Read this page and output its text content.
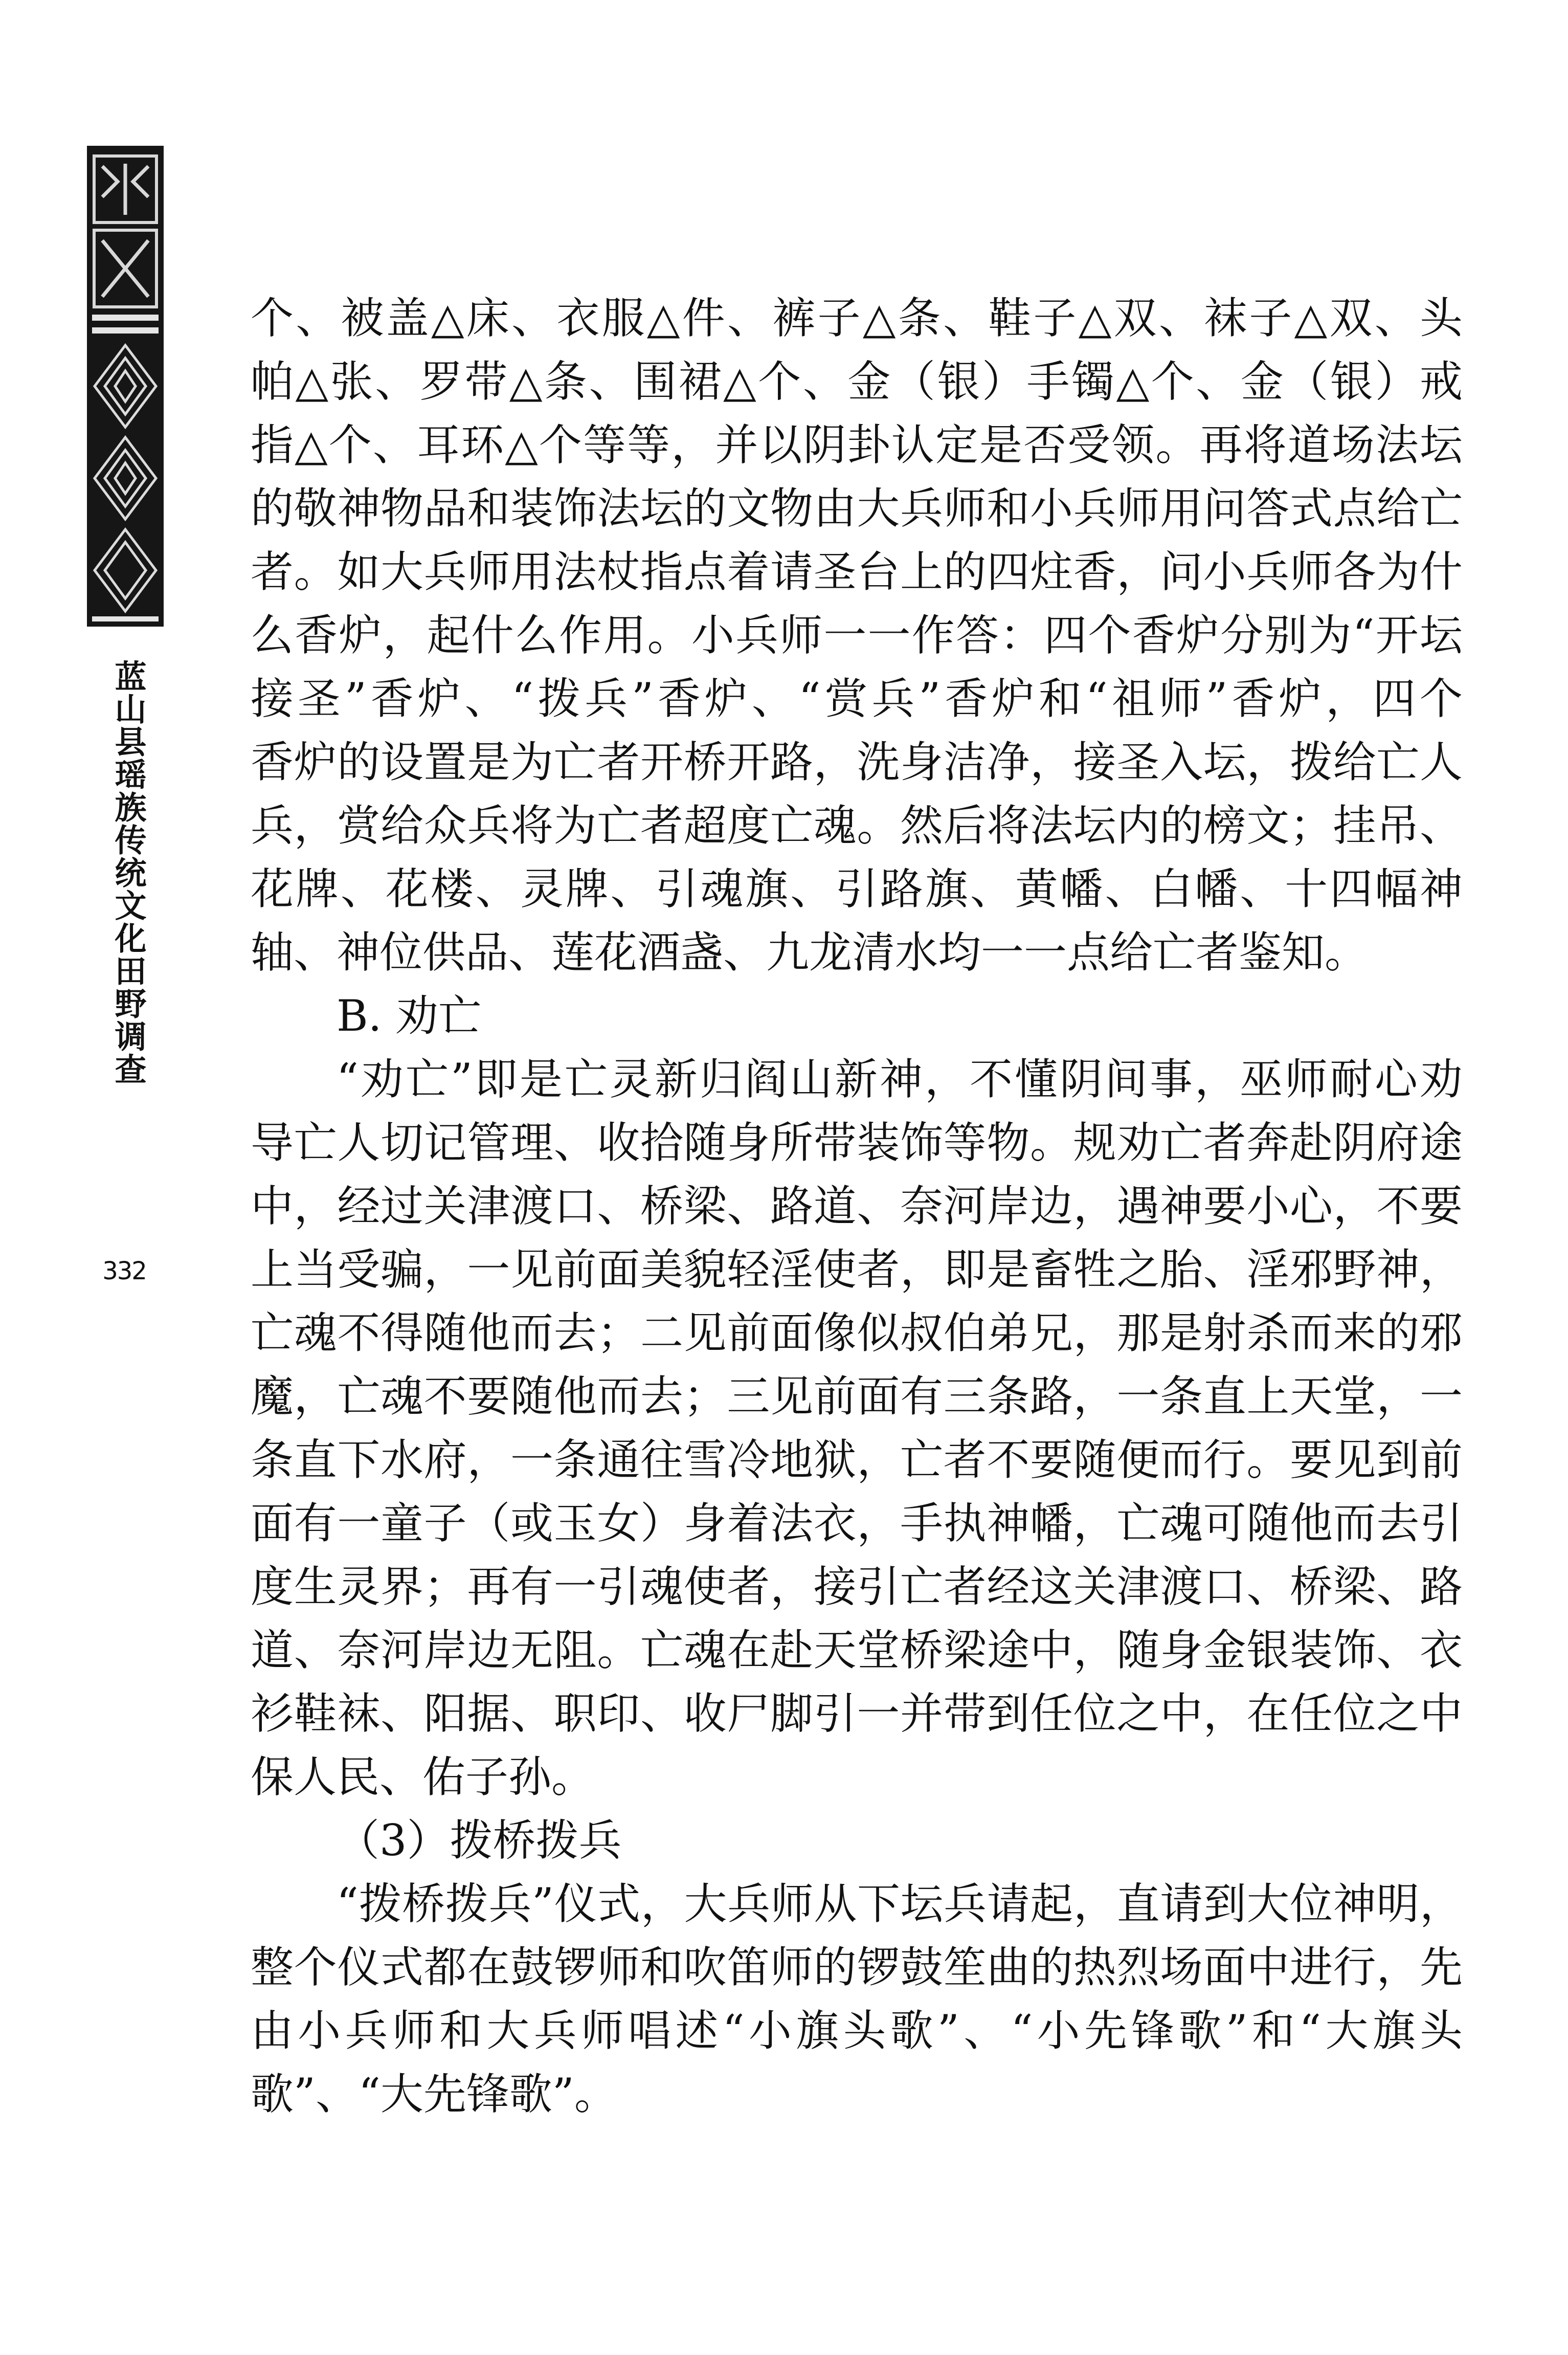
蓝山县瑶族传统文化田野调查
332

个、被盖△床、衣服△件、裤子△条、鞋子△双、袜子△双、头

帕△张、罗带△条、围裙△个、金（银）手镯△个、金（银）戒

指△个、耳环△个等等，并以阴卦认定是否受领。再将道场法坛

的敬神物品和装饰法坛的文物由大兵师和小兵师用问答式点给亡

者。如大兵师用法杖指点着请圣台上的四炷香，问小兵师各为什

么香炉，起什么作用。小兵师一一作答：四个香炉分别为“开坛

接圣”香炉、“拨兵”香炉、“赏兵”香炉和“祖师”香炉，四个

香炉的设置是为亡者开桥开路，洗身洁净，接圣入坛，拨给亡人

兵，赏给众兵将为亡者超度亡魂。然后将法坛内的榜文；挂吊、

花牌、花楼、灵牌、引魂旗、引路旗、黄幡、白幡、十四幅神

轴、神位供品、莲花酒盏、九龙清水均一一点给亡者鉴知。

B. 劝亡

“劝亡”即是亡灵新归阎山新神，不懂阴间事，巫师耐心劝

导亡人切记管理、收拾随身所带装饰等物。规劝亡者奔赴阴府途

中，经过关津渡口、桥梁、路道、奈河岸边，遇神要小心，不要

上当受骗，一见前面美貌轻淫使者，即是畜牲之胎、淫邪野神，

亡魂不得随他而去；二见前面像似叔伯弟兄，那是射杀而来的邪

魔，亡魂不要随他而去；三见前面有三条路，一条直上天堂，一

条直下水府，一条通往雪冷地狱，亡者不要随便而行。要见到前

面有一童子（或玉女）身着法衣，手执神幡，亡魂可随他而去引

度生灵界；再有一引魂使者，接引亡者经这关津渡口、桥梁、路

道、奈河岸边无阻。亡魂在赴天堂桥梁途中，随身金银装饰、衣

衫鞋袜、阳据、职印、收尸脚引一并带到任位之中，在任位之中

保人民、佑子孙。

（3）拨桥拨兵

“拨桥拨兵”仪式，大兵师从下坛兵请起，直请到大位神明，

整个仪式都在鼓锣师和吹笛师的锣鼓笙曲的热烈场面中进行，先

由小兵师和大兵师唱述“小旗头歌”、“小先锋歌”和“大旗头

歌”、“大先锋歌”。
